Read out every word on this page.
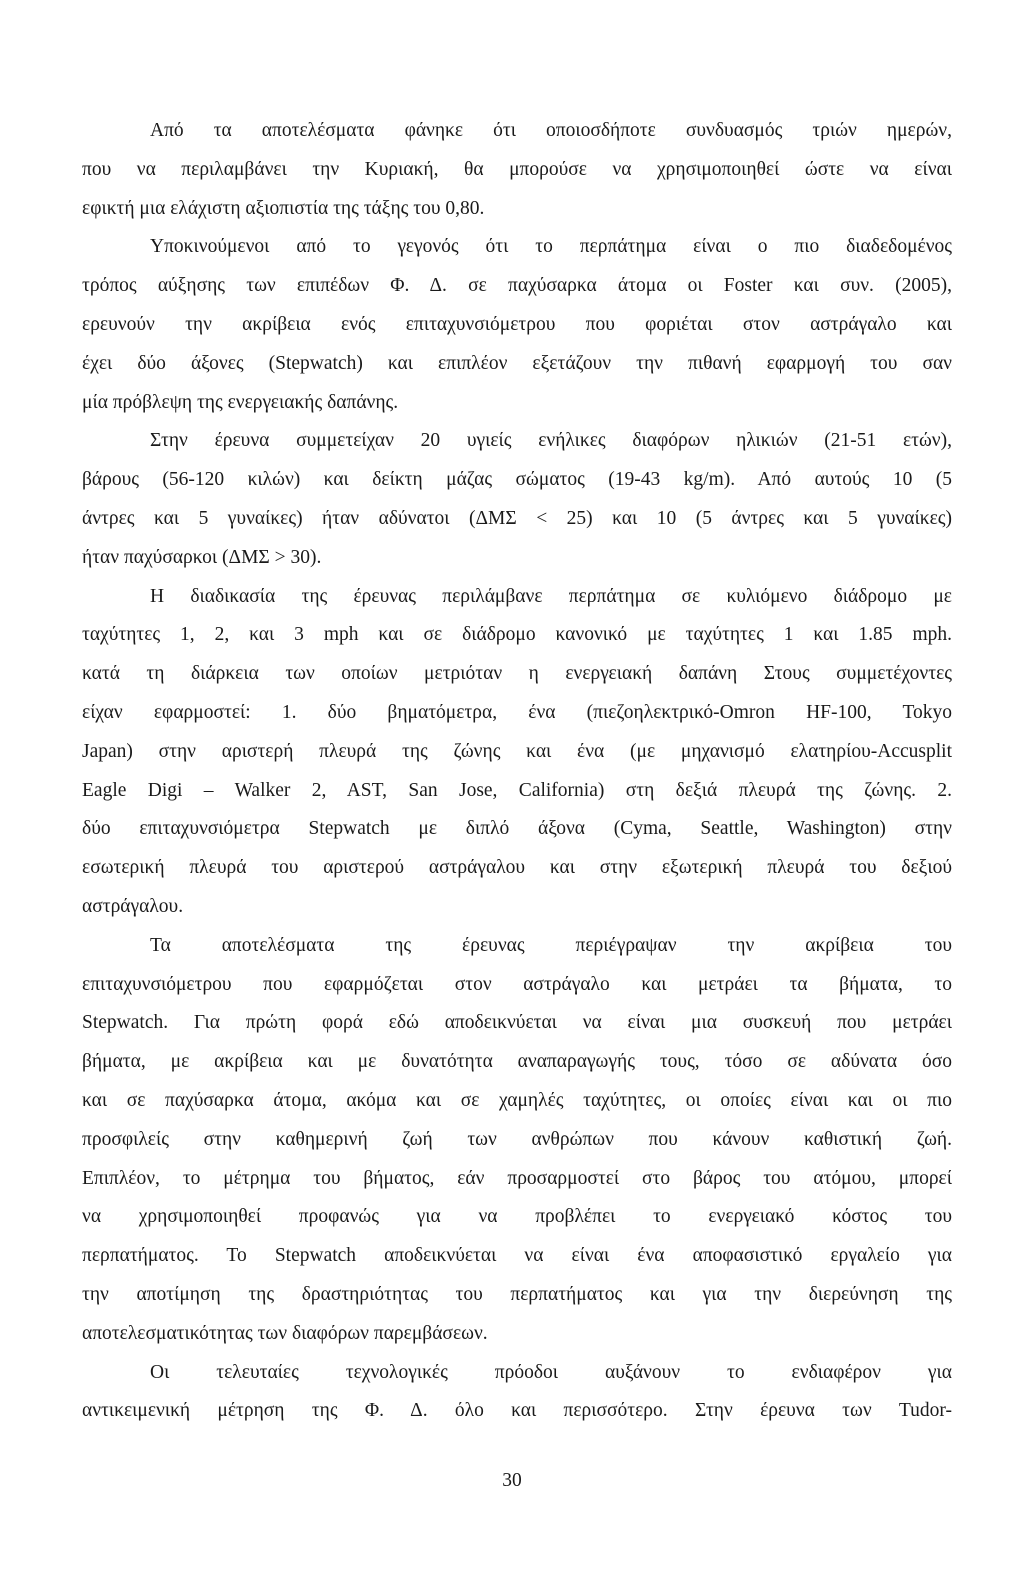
Από τα αποτελέσματα φάνηκε ότι οποιοσδήποτε συνδυασμός τριών ημερών,
που να περιλαμβάνει την Κυριακή, θα μπορούσε να χρησιμοποιηθεί ώστε να είναι
εφικτή μια ελάχιστη αξιοπιστία της τάξης του 0,80.
Υποκινούμενοι από το γεγονός ότι το περπάτημα είναι ο πιο διαδεδομένος
τρόπος αύξησης των επιπέδων Φ. Δ. σε παχύσαρκα άτομα οι Foster και συν. (2005),
ερευνούν την ακρίβεια ενός επιταχυνσιόμετρου που φοριέται στον αστράγαλο και
έχει δύο άξονες (Stepwatch) και επιπλέον εξετάζουν την πιθανή εφαρμογή του σαν
μία πρόβλεψη της ενεργειακής δαπάνης.
Στην έρευνα συμμετείχαν 20 υγιείς ενήλικες διαφόρων ηλικιών (21-51 ετών),
βάρους (56-120 κιλών) και δείκτη μάζας σώματος (19-43 kg/m). Από αυτούς 10 (5
άντρες και 5 γυναίκες) ήταν αδύνατοι (ΔΜΣ < 25) και 10 (5 άντρες και 5 γυναίκες)
ήταν παχύσαρκοι (ΔΜΣ > 30).
Η διαδικασία της έρευνας περιλάμβανε περπάτημα σε κυλιόμενο διάδρομο με
ταχύτητες 1, 2, και 3 mph και σε διάδρομο κανονικό με ταχύτητες 1 και 1.85 mph.
κατά τη διάρκεια των οποίων μετριόταν η ενεργειακή δαπάνη Στους συμμετέχοντες
είχαν εφαρμοστεί: 1. δύο βηματόμετρα, ένα (πιεζοηλεκτρικό-Omron HF-100, Tokyo
Japan) στην αριστερή πλευρά της ζώνης και ένα (με μηχανισμό ελατηρίου-Accusplit
Eagle Digi – Walker 2, AST, San Jose, California) στη δεξιά πλευρά της ζώνης. 2.
δύο επιταχυνσιόμετρα Stepwatch με διπλό άξονα (Cyma, Seattle, Washington) στην
εσωτερική πλευρά του αριστερού αστράγαλου και στην εξωτερική πλευρά του δεξιού
αστράγαλου.
Τα αποτελέσματα της έρευνας περιέγραψαν την ακρίβεια του
επιταχυνσιόμετρου που εφαρμόζεται στον αστράγαλο και μετράει τα βήματα, το
Stepwatch. Για πρώτη φορά εδώ αποδεικνύεται να είναι μια συσκευή που μετράει
βήματα, με ακρίβεια και με δυνατότητα αναπαραγωγής τους, τόσο σε αδύνατα όσο
και σε παχύσαρκα άτομα, ακόμα και σε χαμηλές ταχύτητες, οι οποίες είναι και οι πιο
προσφιλείς στην καθημερινή ζωή των ανθρώπων που κάνουν καθιστική ζωή.
Επιπλέον, το μέτρημα του βήματος, εάν προσαρμοστεί στο βάρος του ατόμου, μπορεί
να χρησιμοποιηθεί προφανώς για να προβλέπει το ενεργειακό κόστος του
περπατήματος. Το Stepwatch αποδεικνύεται να είναι ένα αποφασιστικό εργαλείο για
την αποτίμηση της δραστηριότητας του περπατήματος και για την διερεύνηση της
αποτελεσματικότητας των διαφόρων παρεμβάσεων.
Οι τελευταίες τεχνολογικές πρόοδοι αυξάνουν το ενδιαφέρον για
αντικειμενική μέτρηση της Φ. Δ. όλο και περισσότερο. Στην έρευνα των Tudor-
30
